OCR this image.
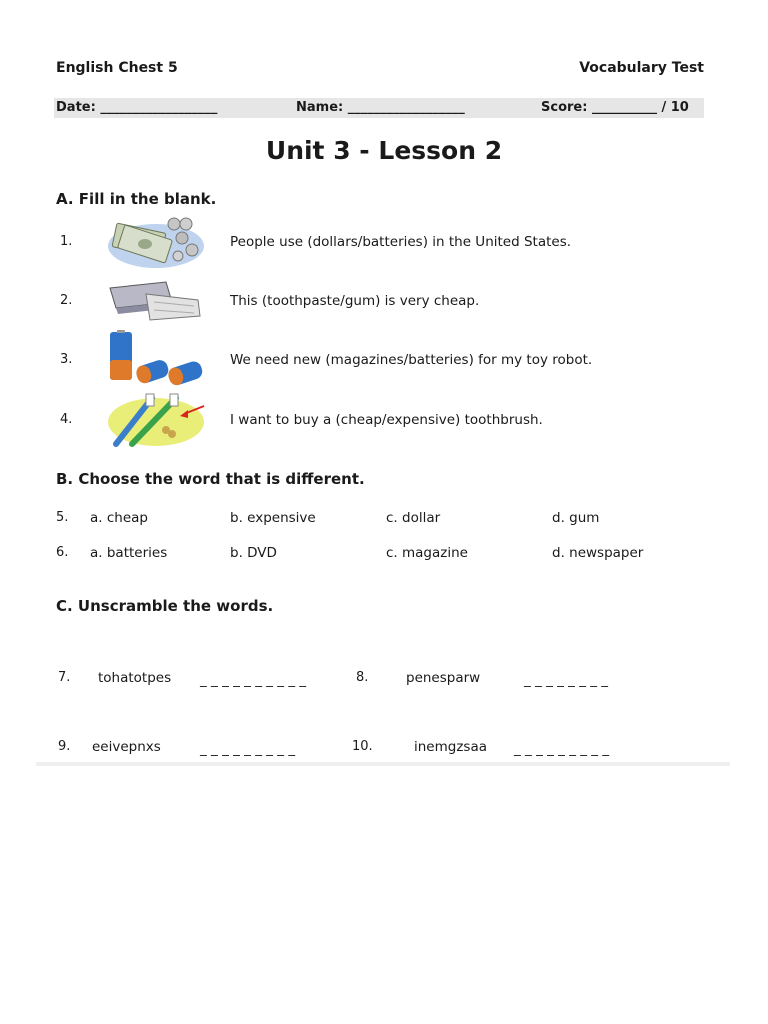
English Chest 5	Vocabulary Test
Date: __________________	Name: __________________	Score: __________ / 10
Unit 3 - Lesson 2
A. Fill in the blank.
1.	People use (dollars/batteries) in the United States.
2.	This (toothpaste/gum) is very cheap.
3.	We need new (magazines/batteries) for my toy robot.
4.	I want to buy a (cheap/expensive) toothbrush.
B. Choose the word that is different.
5. a. cheap	b. expensive	c. dollar	d. gum
6. a. batteries	b. DVD	c. magazine	d. newspaper
C. Unscramble the words.
7. tohatotpes _ _ _ _ _ _ _ _ _ _	8.	penesparw	_ _ _ _ _ _ _ _
9. eeivepnxs	_ _ _ _ _ _ _ _ _	10.	inemgzsaa _ _ _ _ _ _ _ _ _
